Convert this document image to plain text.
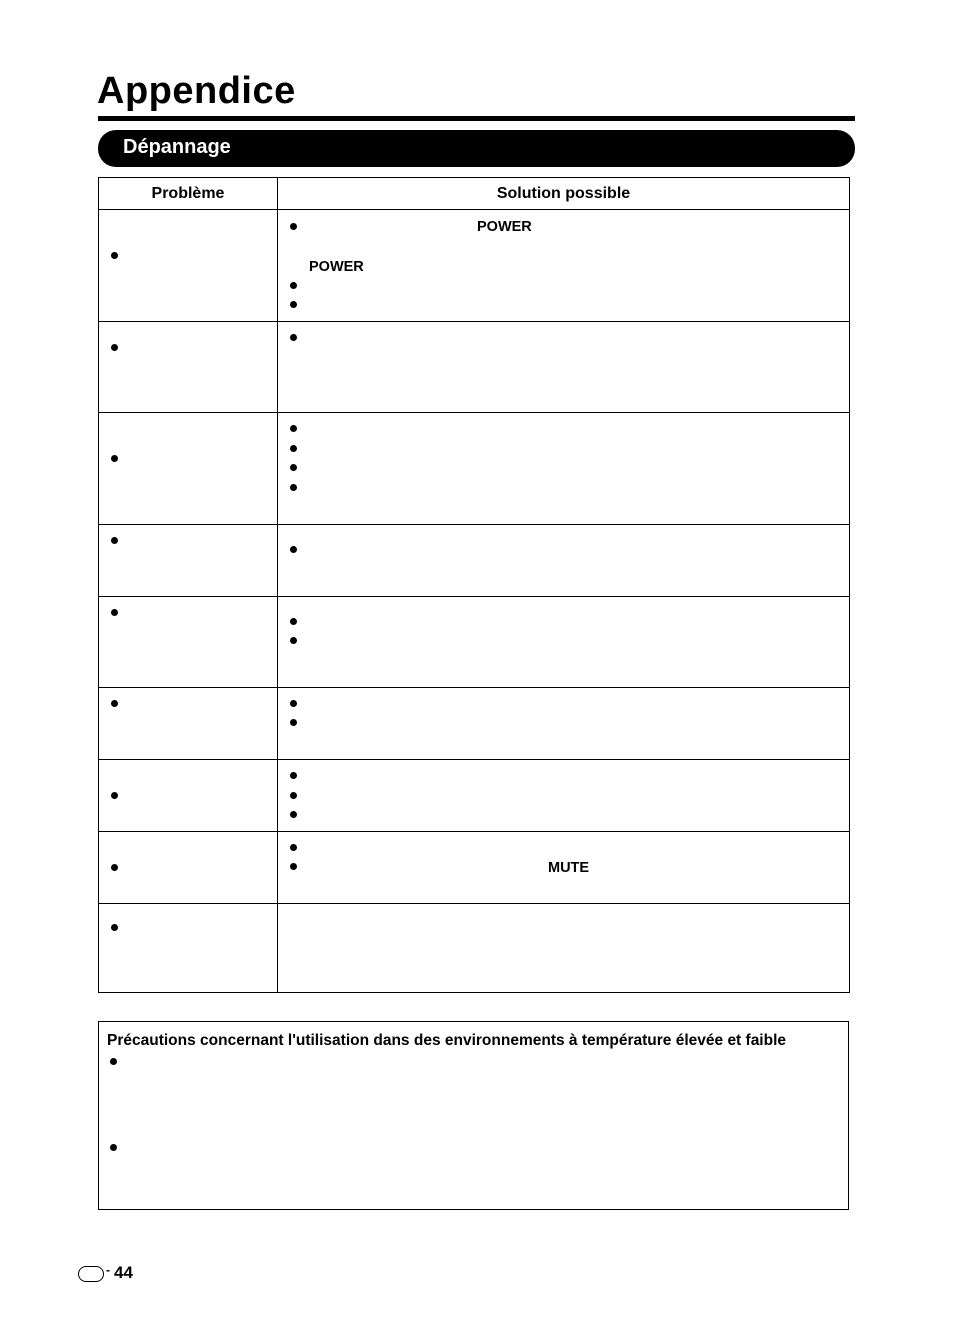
Appendice
Dépannage
Problème	Solution possible

	POWER
POWER

	MUTE

Précautions concernant l'utilisation dans des environnements à température élevée et faible
- 44
